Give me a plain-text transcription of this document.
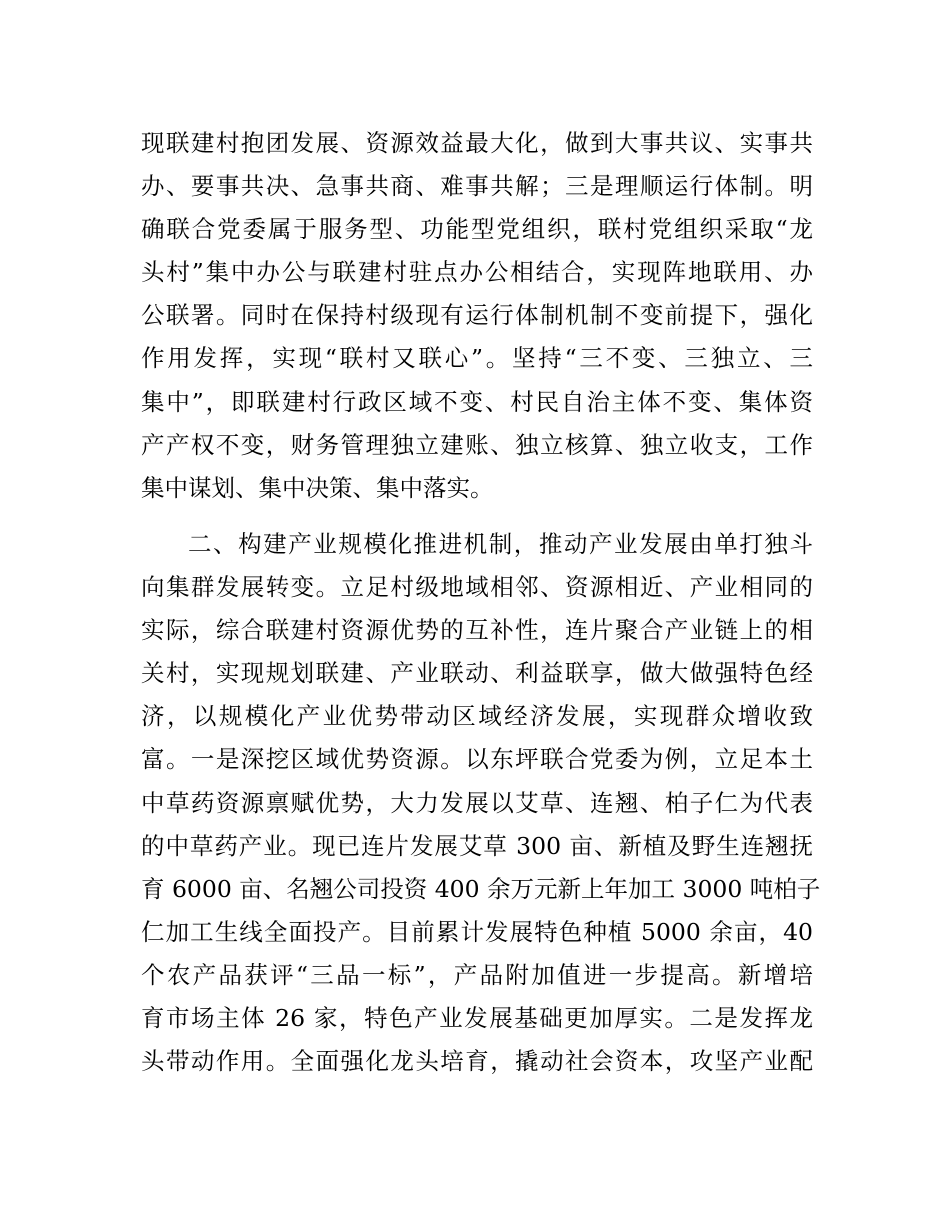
现联建村抱团发展、资源效益最大化，做到大事共议、实事共
办、要事共决、急事共商、难事共解；三是理顺运行体制。明
确联合党委属于服务型、功能型党组织，联村党组织采取“龙
头村”集中办公与联建村驻点办公相结合，实现阵地联用、办
公联署。同时在保持村级现有运行体制机制不变前提下，强化
作用发挥，实现“联村又联心”。坚持“三不变、三独立、三
集中”，即联建村行政区域不变、村民自治主体不变、集体资
产产权不变，财务管理独立建账、独立核算、独立收支，工作
集中谋划、集中决策、集中落实。
二、构建产业规模化推进机制，推动产业发展由单打独斗
向集群发展转变。立足村级地域相邻、资源相近、产业相同的
实际，综合联建村资源优势的互补性，连片聚合产业链上的相
关村，实现规划联建、产业联动、利益联享，做大做强特色经
济，以规模化产业优势带动区域经济发展，实现群众增收致
富。一是深挖区域优势资源。以东坪联合党委为例，立足本土
中草药资源禀赋优势，大力发展以艾草、连翘、柏子仁为代表
的中草药产业。现已连片发展艾草 300 亩、新植及野生连翘抚
育 6000 亩、名翘公司投资 400 余万元新上年加工 3000 吨柏子
仁加工生线全面投产。目前累计发展特色种植 5000 余亩，40
个农产品获评“三品一标”，产品附加值进一步提高。新增培
育市场主体 26 家，特色产业发展基础更加厚实。二是发挥龙
头带动作用。全面强化龙头培育，撬动社会资本，攻坚产业配
